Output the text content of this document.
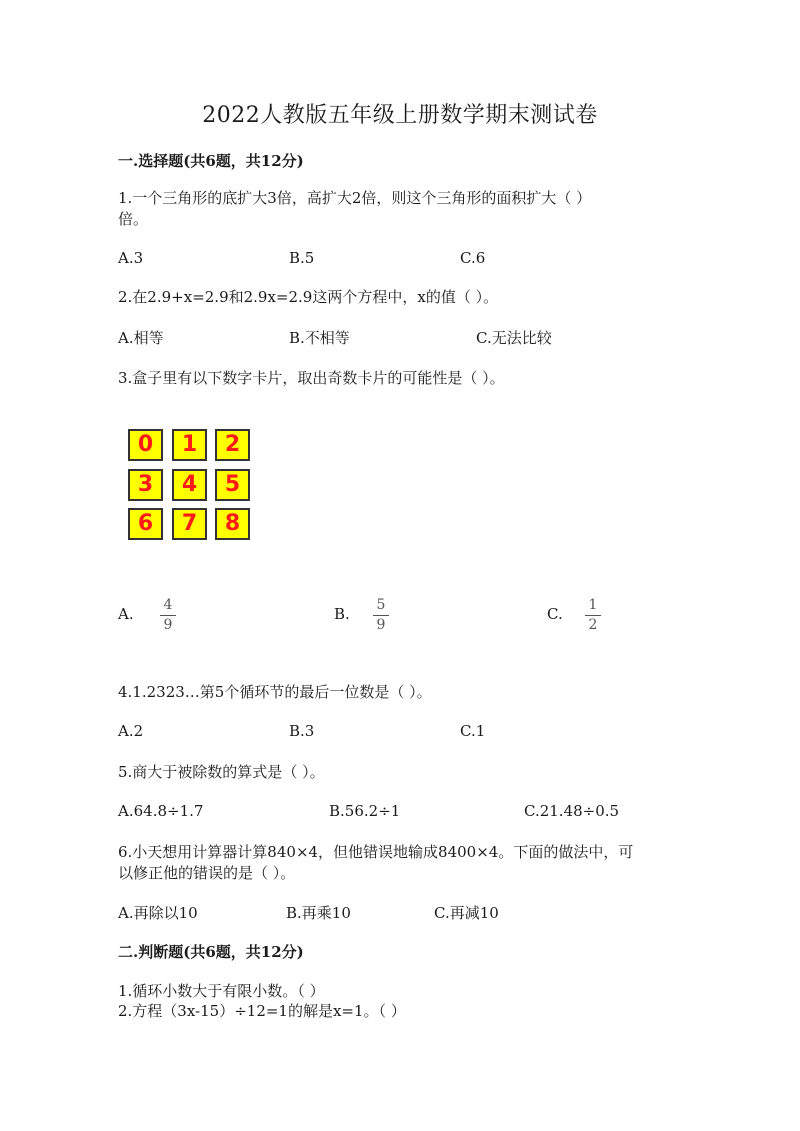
2022人教版五年级上册数学期末测试卷
一.选择题(共6题，共12分)
1.一个三角形的底扩大3倍，高扩大2倍，则这个三角形的面积扩大（ ）
倍。
A.3	B.5	C.6
2.在2.9+x=2.9和2.9x=2.9这两个方程中，x的值（ ）。
A.相等	B.不相等	C.无法比较
3.盒子里有以下数字卡片，取出奇数卡片的可能性是（ ）。
0	1	2
3	4	5
6	7	8
A.	4
9
B.	5
9
C.	1
2
4.1.2323…第5个循环节的最后一位数是（ ）。
A.2	B.3	C.1
5.商大于被除数的算式是（ ）。
A.64.8÷1.7	B.56.2÷1	C.21.48÷0.5
6.小天想用计算器计算840×4，但他错误地输成8400×4。下面的做法中，可
以修正他的错误的是（ ）。
A.再除以10	B.再乘10	C.再减10
二.判断题(共6题，共12分)
1.循环小数大于有限小数。（ ）
2.方程（3x-15）÷12=1的解是x=1。（ ）
